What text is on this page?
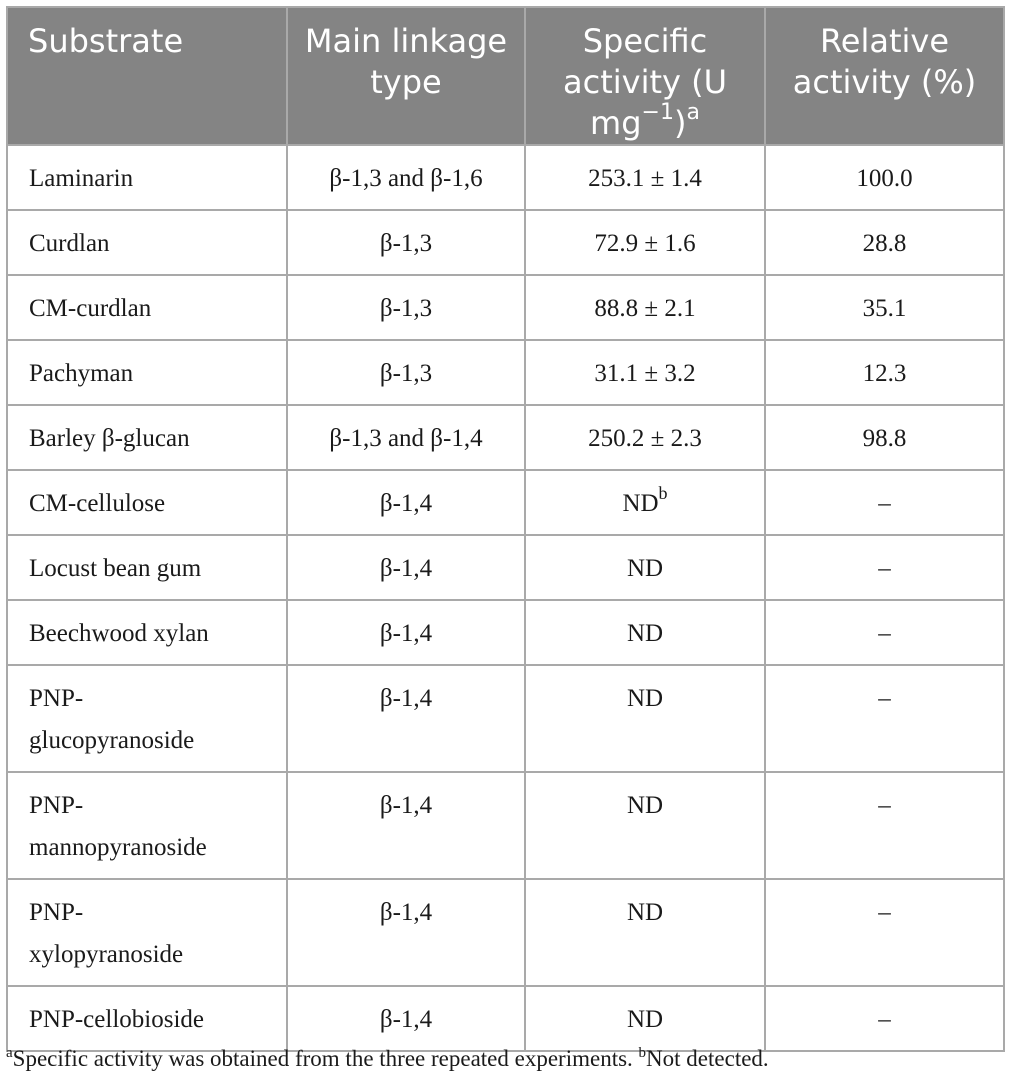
Substrate	Main linkage type	Specific activity (U $mg^{-1})^a$	Relative activity (%)
Laminarin	β-1,3 and β-1,6	253.1 ± 1.4	100.0
Curdlan	β-1,3	72.9 ± 1.6	28.8
CM-curdlan	β-1,3	88.8 ± 2.1	35.1
Pachyman	β-1,3	31.1 ± 3.2	12.3
Barley β-glucan	β-1,3 and β-1,4	250.2 ± 2.3	98.8
CM-cellulose	β-1,4	$ND^b$	–
Locust bean gum	β-1,4	ND	–
Beechwood xylan	β-1,4	ND	–
PNP-
glucopyranoside	β-1,4	ND	–
PNP-
mannopyranoside	β-1,4	ND	–
PNP-
xylopyranoside	β-1,4	ND	–
PNP-cellobioside	β-1,4	ND	–
$^a$Specific activity was obtained from the three repeated experiments. $^b$Not detected.
